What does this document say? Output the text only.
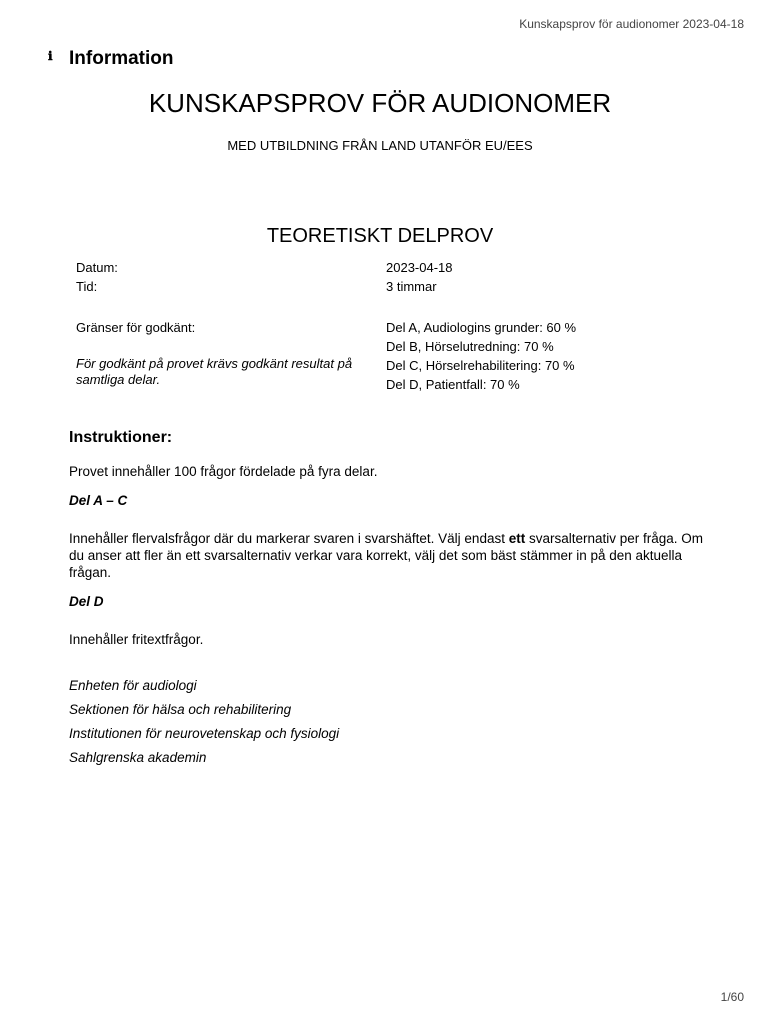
Kunskapsprov för audionomer 2023-04-18
ℹ Information
KUNSKAPSPROV FÖR AUDIONOMER
MED UTBILDNING FRÅN LAND UTANFÖR EU/EES
TEORETISKT DELPROV
Datum:	2023-04-18
Tid:	3 timmar
Gränser för godkänt:
För godkänt på provet krävs godkänt resultat på samtliga delar.
Del A, Audiologins grunder: 60 %
Del B, Hörselutredning: 70 %
Del C, Hörselrehabilitering: 70 %
Del D, Patientfall: 70 %
Instruktioner:

Provet innehåller 100 frågor fördelade på fyra delar.

Del A – C

Innehåller flervalsfrågor där du markerar svaren i svarshäftet. Välj endast ett svarsalternativ per fråga. Om du anser att fler än ett svarsalternativ verkar vara korrekt, välj det som bäst stämmer in på den aktuella frågan.

Del D

Innehåller fritextfrågor.

Enheten för audiologi
Sektionen för hälsa och rehabilitering
Institutionen för neurovetenskap och fysiologi
Sahlgrenska akademin
1/60
